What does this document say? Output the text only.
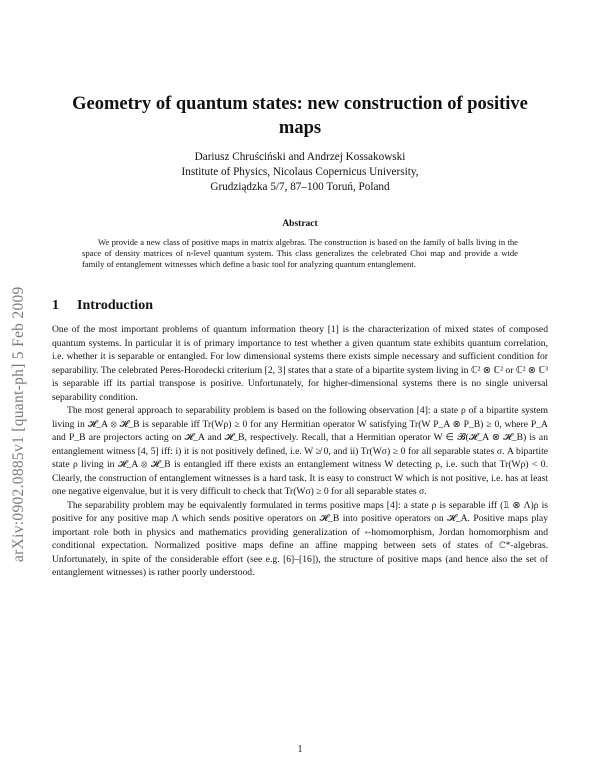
arXiv:0902.0885v1 [quant-ph] 5 Feb 2009
Geometry of quantum states: new construction of positive maps
Dariusz Chruściński and Andrzej Kossakowski
Institute of Physics, Nicolaus Copernicus University,
Grudziądzka 5/7, 87–100 Toruń, Poland
Abstract
We provide a new class of positive maps in matrix algebras. The construction is based on the family of balls living in the space of density matrices of n-level quantum system. This class generalizes the celebrated Choi map and provide a wide family of entanglement witnesses which define a basic tool for analyzing quantum entanglement.
1 Introduction

One of the most important problems of quantum information theory [1] is the characterization of mixed states of composed quantum systems. In particular it is of primary importance to test whether a given quantum state exhibits quantum correlation, i.e. whether it is separable or entangled. For low dimensional systems there exists simple necessary and sufficient condition for separability. The celebrated Peres-Horodecki criterium [2, 3] states that a state of a bipartite system living in ℂ² ⊗ ℂ² or ℂ² ⊗ ℂ³ is separable iff its partial transpose is positive. Unfortunately, for higher-dimensional systems there is no single universal separability condition.

The most general approach to separability problem is based on the following observation [4]: a state ρ of a bipartite system living in 𝓗_A ⊗ 𝓗_B is separable iff Tr(Wρ) ≥ 0 for any Hermitian operator W satisfying Tr(W P_A ⊗ P_B) ≥ 0, where P_A and P_B are projectors acting on 𝓗_A and 𝓗_B, respectively. Recall, that a Hermitian operator W ∈ 𝓑(𝓗_A ⊗ 𝓗_B) is an entanglement witness [4, 5] iff: i) it is not positively defined, i.e. W ≱ 0, and ii) Tr(Wσ) ≥ 0 for all separable states σ. A bipartite state ρ living in 𝓗_A ⊗ 𝓗_B is entangled iff there exists an entanglement witness W detecting ρ, i.e. such that Tr(Wρ) < 0. Clearly, the construction of entanglement witnesses is a hard task. It is easy to construct W which is not positive, i.e. has at least one negative eigenvalue, but it is very difficult to check that Tr(Wσ) ≥ 0 for all separable states σ.

The separability problem may be equivalently formulated in terms positive maps [4]: a state ρ is separable iff (𝟙 ⊗ Λ)ρ is positive for any positive map Λ which sends positive operators on 𝓗_B into positive operators on 𝓗_A. Positive maps play important role both in physics and mathematics providing generalization of ∗-homomorphism, Jordan homomorphism and conditional expectation. Normalized positive maps define an affine mapping between sets of states of ℂ*-algebras. Unfortunately, in spite of the considerable effort (see e.g. [6]–[16]), the structure of positive maps (and hence also the set of entanglement witnesses) is rather poorly understood.

1
